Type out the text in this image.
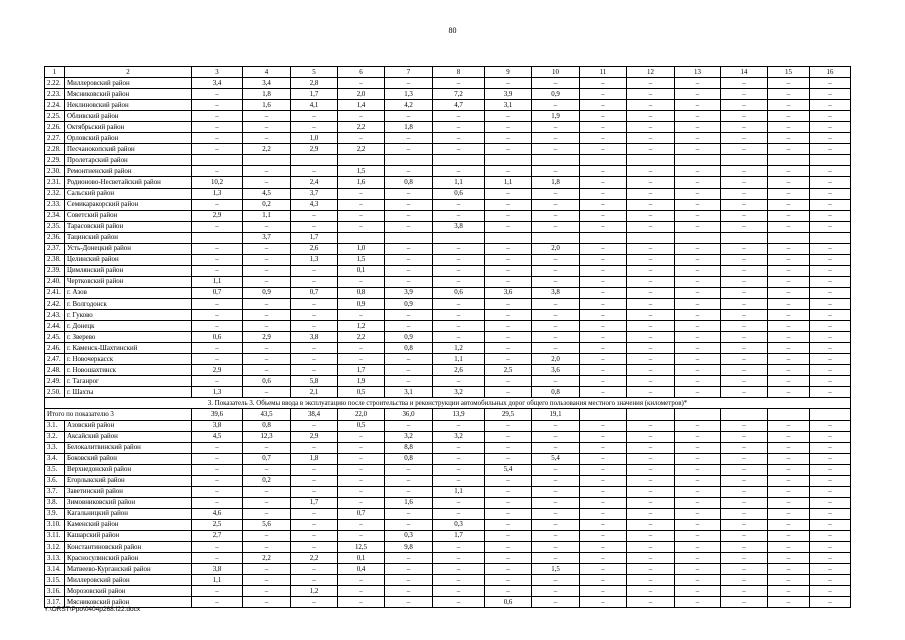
80
1	2	3	4	5	6	7	8	9	10	11	12	13	14	15	16
2.22.	Миллеровский район	3,4	3,4	2,8	–	–	–	–	–	–	–	–	–	–	–
2.23.	Мясниковский район	–	1,8	1,7	2,0	1,3	7,2	3,9	0,9	–	–	–	–	–	–
2.24.	Неклиновский район	–	1,6	4,1	1,4	4,2	4,7	3,1	–	–	–	–	–	–	–
2.25.	Обливский район	–	–	–	–	–	–	–	1,9	–	–	–	–	–	–
2.26.	Октябрьский район	–	–	–	2,2	1,8	–	–	–	–	–	–	–	–	–
2.27.	Орловский район	–	–	1,0	–	–	–	–	–	–	–	–	–	–	–
2.28.	Песчанокопский район	–	2,2	2,9	2,2	–	–	–	–	–	–	–	–	–	–
2.29.	Пролетарский район														
2.30.	Ремонтненский район	–	–	–	1,5	–	–	–	–	–	–	–	–	–	–
2.31.	Родионово-Несветайский район	10,2	–	2,4	1,6	0,8	1,1	1,1	1,8	–	–	–	–	–	–
2.32.	Сальский район	1,3	4,5	3,7	–	–	0,6	–	–	–	–	–	–	–	–
2.33.	Семикаракорский район	–	0,2	4,3	–	–	–	–	–	–	–	–	–	–	–
2.34.	Советский район	2,9	1,1	–	–	–	–	–	–	–	–	–	–	–	–
2.35.	Тарасовский район	–	–	–	–	–	3,8	–	–	–	–	–	–	–	–
2.36.	Тацинский район		3,7	1,7											
2.37.	Усть-Донецкий район	–	–	2,6	1,0	–	–	–	2,0	–	–	–	–	–	–
2.38.	Целинский район	–	–	1,3	1,5	–	–	–	–	–	–	–	–	–	–
2.39.	Цимлянский район	–	–	–	0,1	–	–	–	–	–	–	–	–	–	–
2.40.	Чертковский район	1,1	–	–	–	–	–	–	–	–	–	–	–	–	–
2.41.	г. Азов	0,7	0,9	0,7	0,8	3,9	0,6	3,6	3,8	–	–	–	–	–	–
2.42.	г. Волгодонск	–	–	–	0,9	0,9	–	–	–	–	–	–	–	–	–
2.43.	г. Гуково	–	–	–	–	–	–	–	–	–	–	–	–	–	–
2.44.	г. Донецк	–	–	–	1,2	–	–	–	–	–	–	–	–	–	–
2.45.	г. Зверево	0,6	2,9	3,8	2,2	0,9	–	–	–	–	–	–	–	–	–
2.46.	г. Каменск-Шахтинский	–	–	–	–	0,8	1,2	–	–	–	–	–	–	–	–
2.47.	г. Новочеркасск	–	–	–	–	–	1,1	–	2,0	–	–	–	–	–	–
2.48.	г. Новошахтинск	2,9	–	–	1,7	–	2,6	2,5	3,6	–	–	–	–	–	–
2.49.	г. Таганрог	–	0,6	5,8	1,9	–	–	–	–	–	–	–	–	–	–
2.50.	г. Шахты	1,3	–	2,1	0,5	3,1	3,2	–	0,8	–	–	–	–	–	–
3. Показатель 3. Объемы ввода в эксплуатацию после строительства и реконструкции автомобильных дорог общего пользования местного значения (километров)*															
Итого по показателю 3		39,6	43,5	38,4	22,0	36,0	13,9	29,5	19,1						
3.1.	Азовский район	3,8	0,8	–	0,5	–	–	–	–	–	–	–	–	–	–
3.2.	Аксайский район	4,5	12,3	2,9	–	3,2	3,2	–	–	–	–	–	–	–	–
3.3.	Белокалитвинский район	–	–	–	–	8,8	–	–	–	–	–	–	–	–	–
3.4.	Боковский район	–	0,7	1,8	–	0,8	–	–	5,4	–	–	–	–	–	–
3.5.	Верхнедонской район	–	–	–	–	–	–	5,4	–	–	–	–	–	–	–
3.6.	Егорлыкский район	–	0,2	–	–	–	–	–	–	–	–	–	–	–	–
3.7.	Заветинский район	–	–	–	–	–	1,1	–	–	–	–	–	–	–	–
3.8.	Зимовниковский район	–	–	1,7	–	1,6	–	–	–	–	–	–	–	–	–
3.9.	Кагальницкий район	4,6	–	–	0,7	–	–	–	–	–	–	–	–	–	–
3.10.	Каменский район	2,5	5,6	–	–	–	0,3	–	–	–	–	–	–	–	–
3.11.	Кашарский район	2,7	–	–	–	0,3	1,7	–	–	–	–	–	–	–	–
3.12.	Константиновский район	–	–	–	12,5	9,8	–	–	–	–	–	–	–	–	–
3.13.	Красносулинский район	–	2,2	2,2	0,1	–	–	–	–	–	–	–	–	–	–
3.14.	Матвеево-Курганский район	3,8	–	–	0,4	–	–	–	1,5	–	–	–	–	–	–
3.15.	Миллеровский район	1,1	–	–	–	–	–	–	–	–	–	–	–	–	–
3.16.	Морозовский район	–	–	1,2	–	–	–	–	–	–	–	–	–	–	–
3.17.	Мясниковский район	–	–	–	–	–	–	0,6	–	–	–	–	–	–	–
Y:\ORST\Ppo\0404p268.f22.docx
